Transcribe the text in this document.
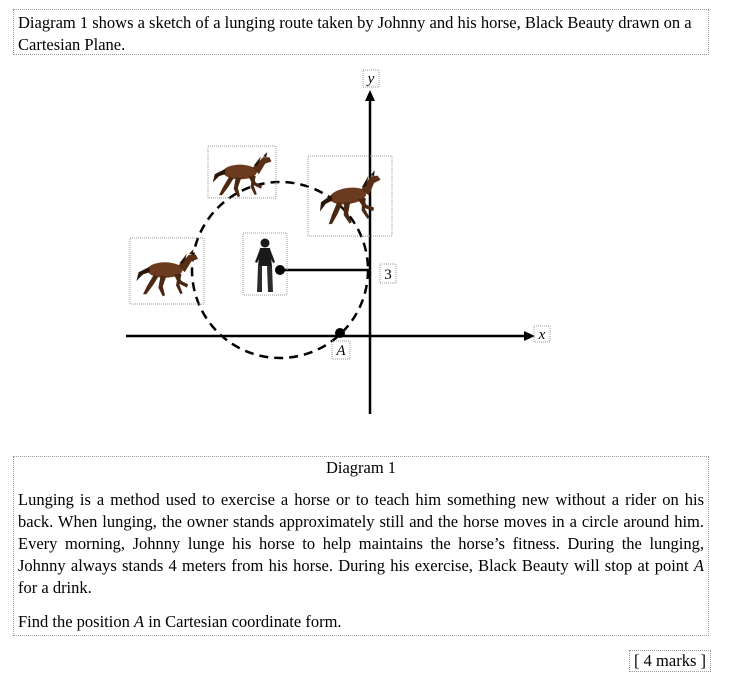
Diagram 1 shows a sketch of a lunging route taken by Johnny and his horse, Black Beauty drawn on a Cartesian Plane.
y
x
3
A
Diagram 1
Lunging is a method used to exercise a horse or to teach him something new without a rider on his back. When lunging, the owner stands approximately still and the horse moves in a circle around him. Every morning, Johnny lunge his horse to help maintains the horse’s fitness. During the lunging, Johnny always stands 4 meters from his horse. During his exercise, Black Beauty will stop at point A for a drink.
Find the position A in Cartesian coordinate form.
[ 4 marks ]
